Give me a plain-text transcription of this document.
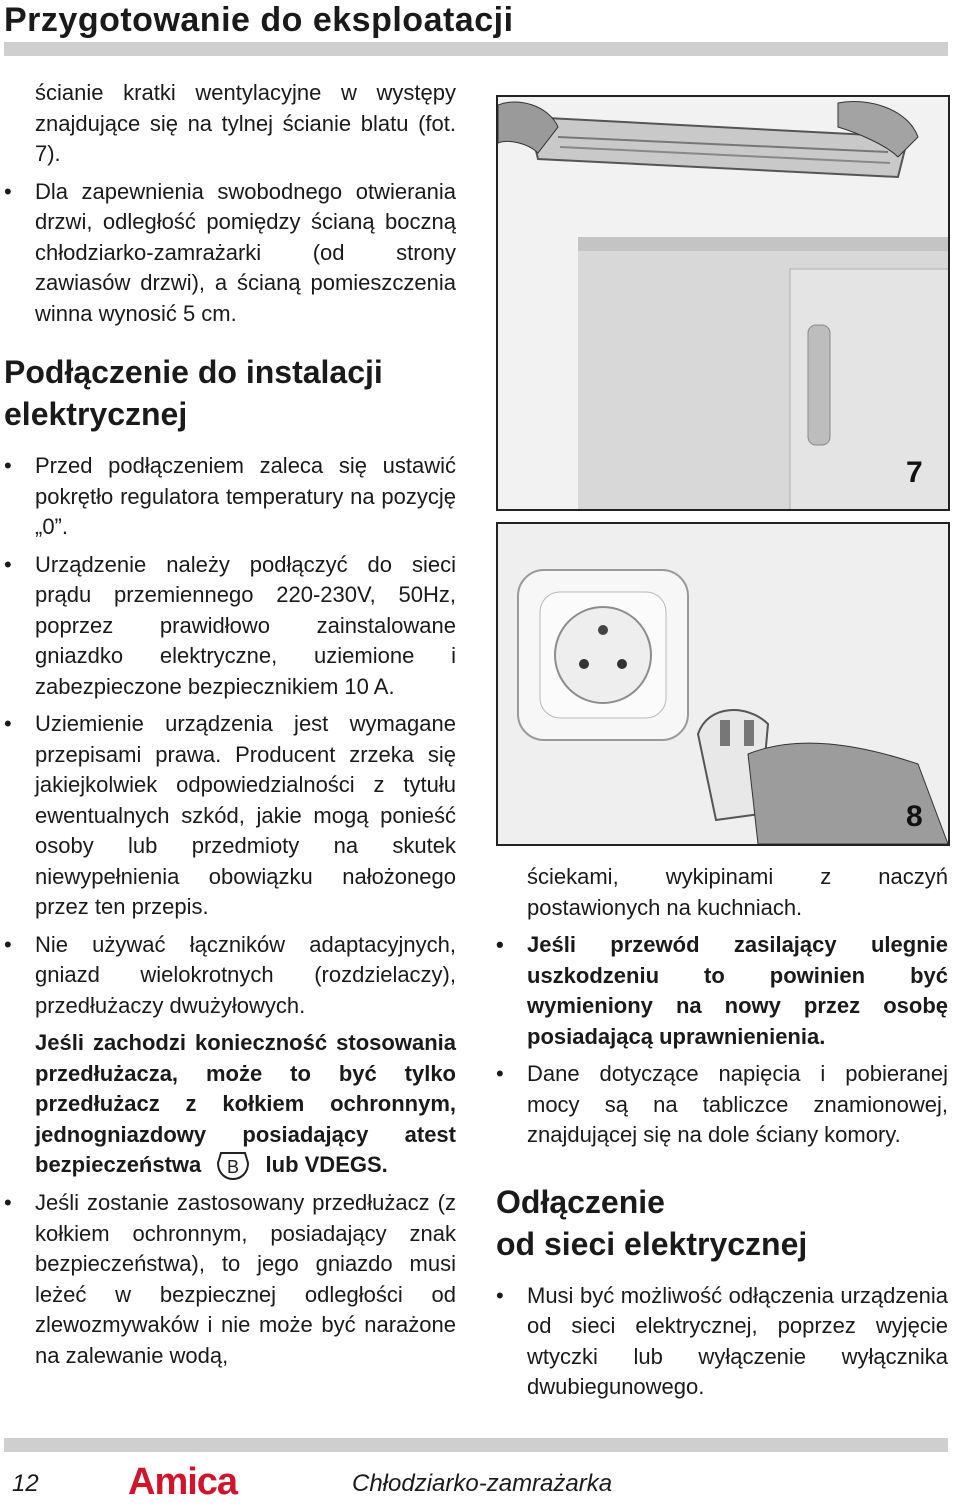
Przygotowanie do eksploatacji

ścianie kratki wentylacyjne w występy znajdujące się na tylnej ścianie blatu (fot. 7).

•	Dla zapewnienia swobodnego otwierania drzwi, odległość pomiędzy ścianą boczną chłodziarko-zamrażarki (od strony zawiasów drzwi), a ścianą pomieszczenia winna wynosić 5 cm.
Podłączenie do instalacji elektrycznej
•	Przed podłączeniem zaleca się ustawić pokrętło regulatora temperatury na pozycję „0”.
•	Urządzenie należy podłączyć do sieci prądu przemiennego 220-230V, 50Hz, poprzez prawidłowo zainstalowane gniazdko elektryczne, uziemione i zabezpieczone bezpiecznikiem 10 A.
•	Uziemienie urządzenia jest wymagane przepisami prawa. Producent zrzeka się jakiejkolwiek odpowiedzialności z tytułu ewentualnych szkód, jakie mogą ponieść osoby lub przedmioty na skutek niewypełnienia obowiązku nałożonego przez ten przepis.
•	Nie używać łączników adaptacyjnych, gniazd wielokrotnych (rozdzielaczy), przedłużaczy dwużyłowych.

Jeśli zachodzi konieczność stosowania przedłużacza, może to być tylko przedłużacz z kołkiem ochronnym, jednogniazdowy posiadający atest bezpieczeństwa B lub VDEGS.

•	Jeśli zostanie zastosowany przedłużacz (z kołkiem ochronnym, posiadający znak bezpieczeństwa), to jego gniazdo musi leżeć w bezpiecznej odległości od zlewozmywaków i nie może być narażone na zalewanie wodą,
7
8

ściekami, wykipinami z naczyń postawionych na kuchniach.

•	Jeśli przewód zasilający ulegnie uszkodzeniu to powinien być wymieniony na nowy przez osobę posiadającą uprawnienienia.
•	Dane dotyczące napięcia i pobieranej mocy są na tabliczce znamionowej, znajdującej się na dole ściany komory.
Odłączenie
od sieci elektrycznej
•	Musi być możliwość odłączenia urządzenia od sieci elektrycznej, poprzez wyjęcie wtyczki lub wyłączenie wyłącznika dwubiegunowego.
12 Amica	Chłodziarko-zamrażarka
